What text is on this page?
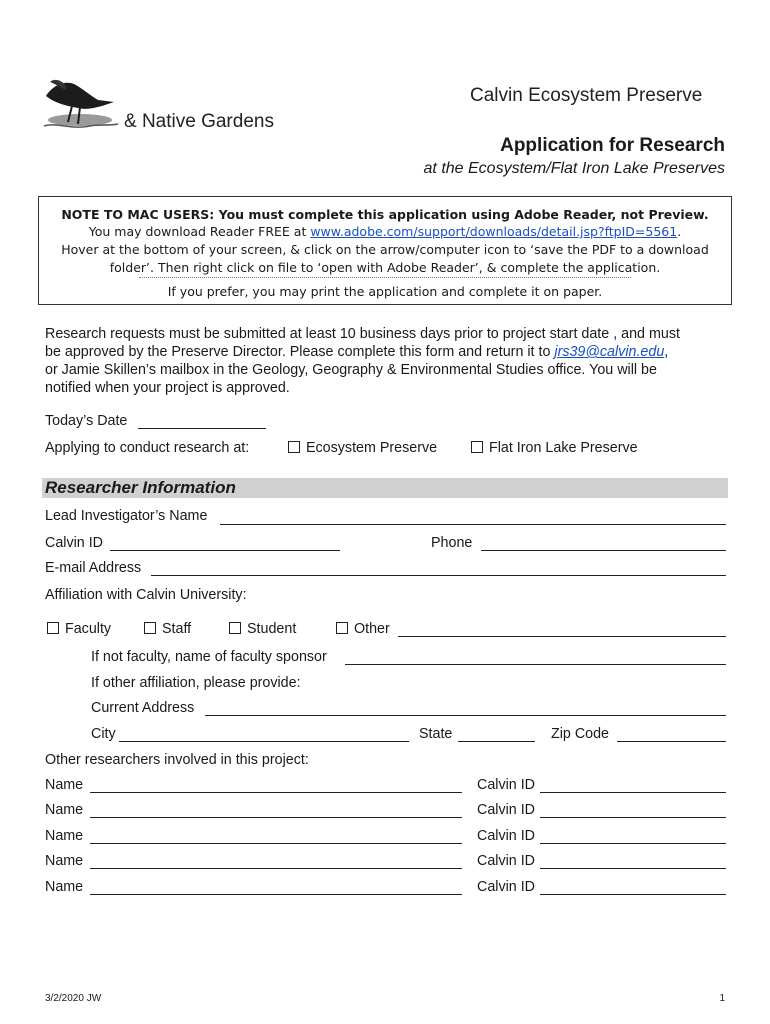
Calvin Ecosystem Preserve
& Native Gardens
Application for Research
at the Ecosystem/Flat Iron Lake Preserves
NOTE TO MAC USERS: You must complete this application using Adobe Reader, not Preview.
You may download Reader FREE at www.adobe.com/support/downloads/detail.jsp?ftpID=5561.
Hover at the bottom of your screen, & click on the arrow/computer icon to ‘save the PDF to a download
folder’. Then right click on file to ‘open with Adobe Reader’, & complete the application.
If you prefer, you may print the application and complete it on paper.
Research requests must be submitted at least 10 business days prior to project start date , and must
be approved by the Preserve Director. Please complete this form and return it to jrs39@calvin.edu,
or Jamie Skillen’s mailbox in the Geology, Geography & Environmental Studies office. You will be
notified when your project is approved.
Today’s Date
Applying to conduct research at:	Ecosystem Preserve	Flat Iron Lake Preserve
Researcher Information
Lead Investigator’s Name
Calvin ID	Phone
E-mail Address
Affiliation with Calvin University:
Faculty	Staff	Student	Other
If not faculty, name of faculty sponsor
If other affiliation, please provide:
Current Address
City	State	Zip Code
Other researchers involved in this project:
Name	Calvin ID
Name	Calvin ID
Name	Calvin ID
Name	Calvin ID
Name	Calvin ID
3/2/2020 JW	1
